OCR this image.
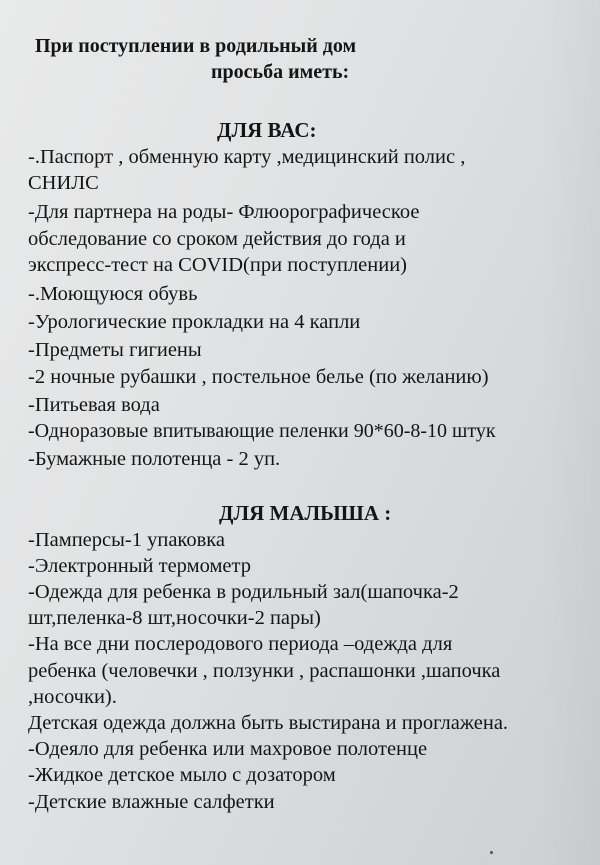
При поступлении в родильный дом
просьба иметь:
ДЛЯ ВАС:
-.Паспорт , обменную карту ,медицинский полис ,
СНИЛС
-Для партнера на роды- Флюорографическое
обследование со сроком действия до года и
экспресс-тест на COVID(при поступлении)
-.Моющуюся обувь
-Урологические прокладки на 4 капли
-Предметы гигиены
-2 ночные рубашки , постельное белье (по желанию)
-Питьевая вода
-Одноразовые впитывающие пеленки 90*60-8-10 штук
-Бумажные полотенца - 2 уп.
ДЛЯ МАЛЫША :
-Памперсы-1 упаковка
-Электронный термометр
-Одежда для ребенка в родильный зал(шапочка-2
шт,пеленка-8 шт,носочки-2 пары)
-На все дни послеродового периода –одежда для
ребенка (человечки , ползунки , распашонки ,шапочка
,носочки).
Детская одежда должна быть выстирана и проглажена.
-Одеяло для ребенка или махровое полотенце
-Жидкое детское мыло с дозатором
-Детские влажные салфетки
